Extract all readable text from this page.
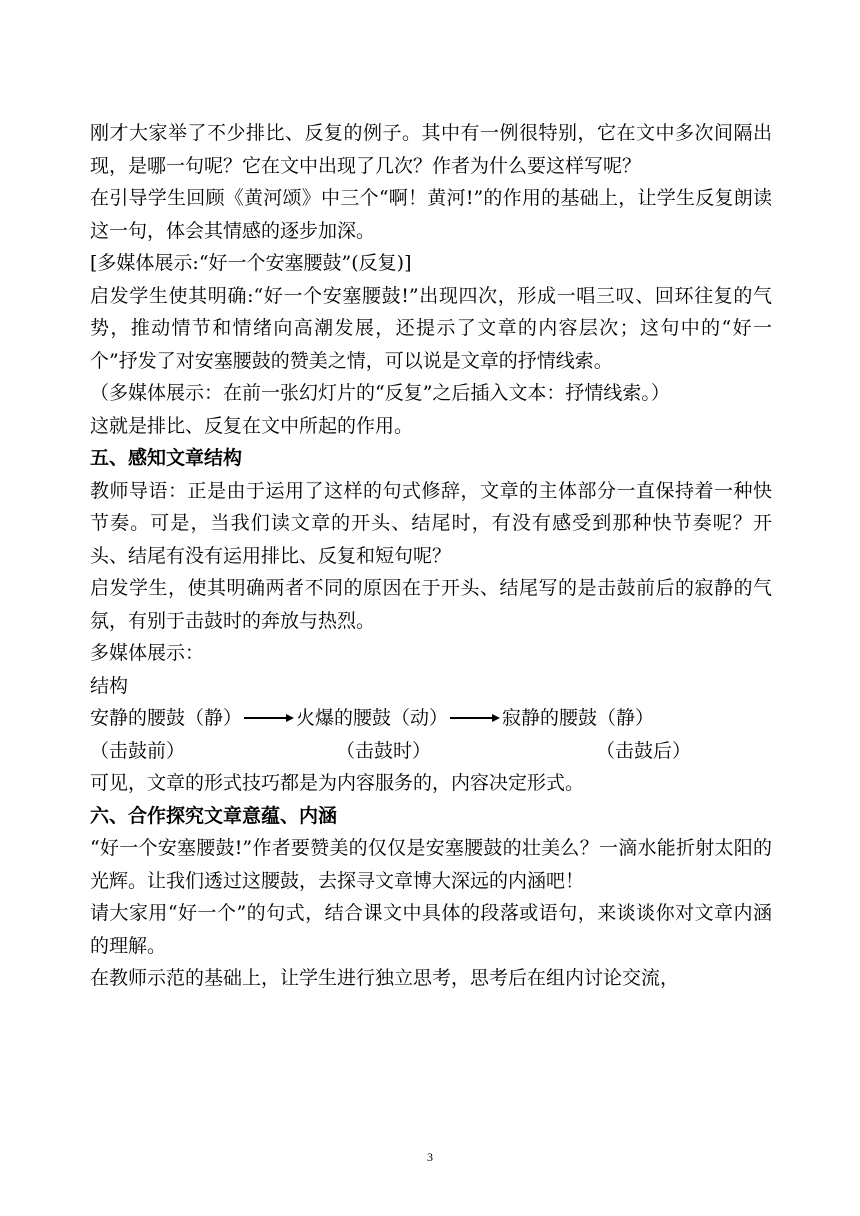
刚才大家举了不少排比、反复的例子。其中有一例很特别，它在文中多次间隔出现，是哪一句呢？它在文中出现了几次？作者为什么要这样写呢？

在引导学生回顾《黄河颂》中三个“啊！黄河!”的作用的基础上，让学生反复朗读这一句，体会其情感的逐步加深。

[多媒体展示:“好一个安塞腰鼓”(反复)]

启发学生使其明确:“好一个安塞腰鼓!”出现四次，形成一唱三叹、回环往复的气势，推动情节和情绪向高潮发展，还提示了文章的内容层次；这句中的“好一个”抒发了对安塞腰鼓的赞美之情，可以说是文章的抒情线索。

（多媒体展示：在前一张幻灯片的“反复”之后插入文本：抒情线索。）

这就是排比、反复在文中所起的作用。

五、感知文章结构

教师导语：正是由于运用了这样的句式修辞，文章的主体部分一直保持着一种快节奏。可是，当我们读文章的开头、结尾时，有没有感受到那种快节奏呢？开头、结尾有没有运用排比、反复和短句呢？

启发学生，使其明确两者不同的原因在于开头、结尾写的是击鼓前后的寂静的气氛，有别于击鼓时的奔放与热烈。

多媒体展示：

结构

安静的腰鼓（静）	火爆的腰鼓（动）	寂静的腰鼓（静）
（击鼓前）	（击鼓时）	（击鼓后）

可见，文章的形式技巧都是为内容服务的，内容决定形式。

六、合作探究文章意蕴、内涵

“好一个安塞腰鼓!”作者要赞美的仅仅是安塞腰鼓的壮美么？一滴水能折射太阳的光辉。让我们透过这腰鼓，去探寻文章博大深远的内涵吧！

请大家用“好一个”的句式，结合课文中具体的段落或语句，来谈谈你对文章内涵的理解。

在教师示范的基础上，让学生进行独立思考，思考后在组内讨论交流，

3
